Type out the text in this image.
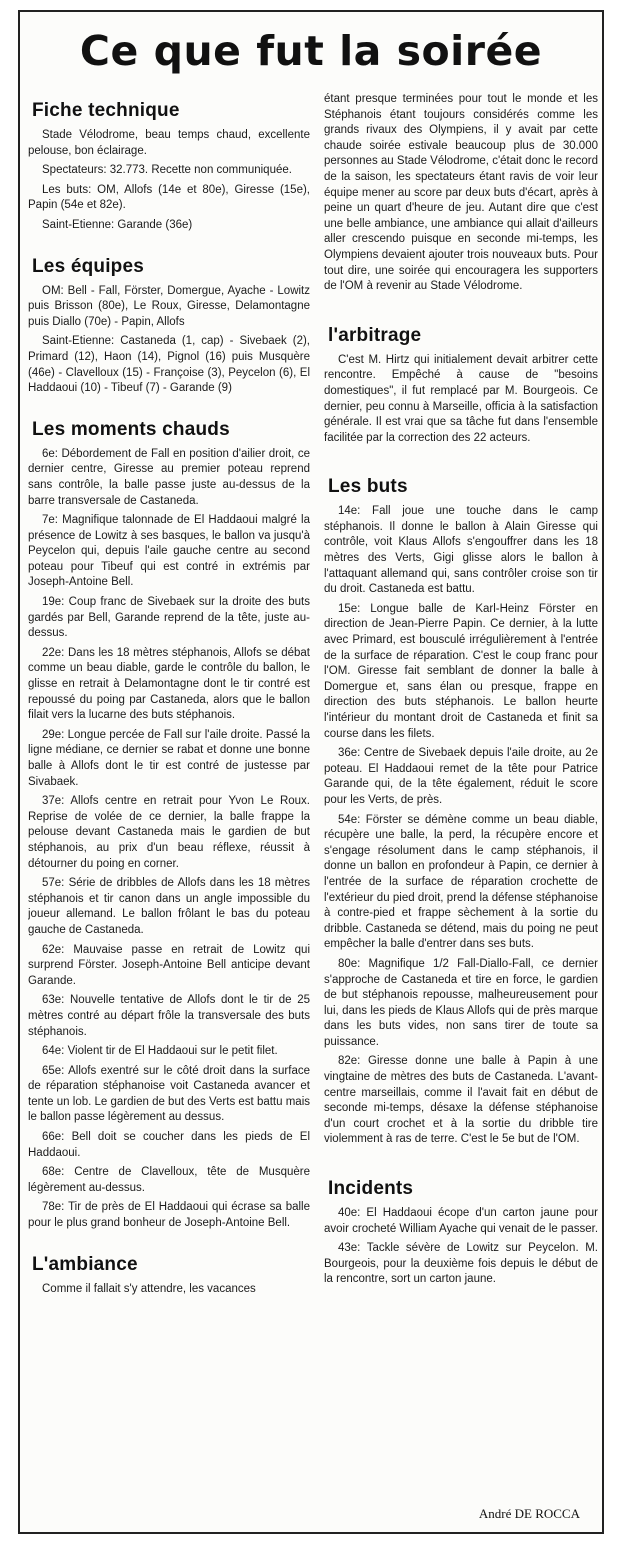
Ce que fut la soirée
Fiche technique

Stade Vélodrome, beau temps chaud, excellente pelouse, bon éclairage.

Spectateurs: 32.773. Recette non communiquée.

Les buts: OM, Allofs (14e et 80e), Giresse (15e), Papin (54e et 82e).

Saint-Etienne: Garande (36e)

Les équipes

OM: Bell - Fall, Förster, Domergue, Ayache - Lowitz puis Brisson (80e), Le Roux, Giresse, Delamontagne puis Diallo (70e) - Papin, Allofs

Saint-Etienne: Castaneda (1, cap) - Sivebaek (2), Primard (12), Haon (14), Pignol (16) puis Musquère (46e) - Clavelloux (15) - Françoise (3), Peycelon (6), El Haddaoui (10) - Tibeuf (7) - Garande (9)

Les moments chauds

6e: Débordement de Fall en position d'ailier droit, ce dernier centre, Giresse au premier poteau reprend sans contrôle, la balle passe juste au-dessus de la barre transversale de Castaneda.

7e: Magnifique talonnade de El Haddaoui malgré la présence de Lowitz à ses basques, le ballon va jusqu'à Peycelon qui, depuis l'aile gauche centre au second poteau pour Tibeuf qui est contré in extrémis par Joseph-Antoine Bell.

19e: Coup franc de Sivebaek sur la droite des buts gardés par Bell, Garande reprend de la tête, juste au-dessus.

22e: Dans les 18 mètres stéphanois, Allofs se débat comme un beau diable, garde le contrôle du ballon, le glisse en retrait à Delamontagne dont le tir contré est repoussé du poing par Castaneda, alors que le ballon filait vers la lucarne des buts stéphanois.

29e: Longue percée de Fall sur l'aile droite. Passé la ligne médiane, ce dernier se rabat et donne une bonne balle à Allofs dont le tir est contré de justesse par Sivabaek.

37e: Allofs centre en retrait pour Yvon Le Roux. Reprise de volée de ce dernier, la balle frappe la pelouse devant Castaneda mais le gardien de but stéphanois, au prix d'un beau réflexe, réussit à détourner du poing en corner.

57e: Série de dribbles de Allofs dans les 18 mètres stéphanois et tir canon dans un angle impossible du joueur allemand. Le ballon frôlant le bas du poteau gauche de Castaneda.

62e: Mauvaise passe en retrait de Lowitz qui surprend Förster. Joseph-Antoine Bell anticipe devant Garande.

63e: Nouvelle tentative de Allofs dont le tir de 25 mètres contré au départ frôle la transversale des buts stéphanois.

64e: Violent tir de El Haddaoui sur le petit filet.

65e: Allofs exentré sur le côté droit dans la surface de réparation stéphanoise voit Castaneda avancer et tente un lob. Le gardien de but des Verts est battu mais le ballon passe légèrement au dessus.

66e: Bell doit se coucher dans les pieds de El Haddaoui.

68e: Centre de Clavelloux, tête de Musquère légèrement au-dessus.

78e: Tir de près de El Haddaoui qui écrase sa balle pour le plus grand bonheur de Joseph-Antoine Bell.

L'ambiance

Comme il fallait s'y attendre, les vacances

étant presque terminées pour tout le monde et les Stéphanois étant toujours considérés comme les grands rivaux des Olympiens, il y avait par cette chaude soirée estivale beaucoup plus de 30.000 personnes au Stade Vélodrome, c'était donc le record de la saison, les spectateurs étant ravis de voir leur équipe mener au score par deux buts d'écart, après à peine un quart d'heure de jeu. Autant dire que c'est une belle ambiance, une ambiance qui allait d'ailleurs aller crescendo puisque en seconde mi-temps, les Olympiens devaient ajouter trois nouveaux buts. Pour tout dire, une soirée qui encouragera les supporters de l'OM à revenir au Stade Vélodrome.

l'arbitrage

C'est M. Hirtz qui initialement devait arbitrer cette rencontre. Empêché à cause de "besoins domestiques", il fut remplacé par M. Bourgeois. Ce dernier, peu connu à Marseille, officia à la satisfaction générale. Il est vrai que sa tâche fut dans l'ensemble facilitée par la correction des 22 acteurs.

Les buts

14e: Fall joue une touche dans le camp stéphanois. Il donne le ballon à Alain Giresse qui contrôle, voit Klaus Allofs s'engouffrer dans les 18 mètres des Verts, Gigi glisse alors le ballon à l'attaquant allemand qui, sans contrôler croise son tir du droit. Castaneda est battu.

15e: Longue balle de Karl-Heinz Förster en direction de Jean-Pierre Papin. Ce dernier, à la lutte avec Primard, est bousculé irrégulièrement à l'entrée de la surface de réparation. C'est le coup franc pour l'OM. Giresse fait semblant de donner la balle à Domergue et, sans élan ou presque, frappe en direction des buts stéphanois. Le ballon heurte l'intérieur du montant droit de Castaneda et finit sa course dans les filets.

36e: Centre de Sivebaek depuis l'aile droite, au 2e poteau. El Haddaoui remet de la tête pour Patrice Garande qui, de la tête également, réduit le score pour les Verts, de près.

54e: Förster se démène comme un beau diable, récupère une balle, la perd, la récupère encore et s'engage résolument dans le camp stéphanois, il donne un ballon en profondeur à Papin, ce dernier à l'entrée de la surface de réparation crochette de l'extérieur du pied droit, prend la défense stéphanoise à contre-pied et frappe sèchement à la sortie du dribble. Castaneda se détend, mais du poing ne peut empêcher la balle d'entrer dans ses buts.

80e: Magnifique 1/2 Fall-Diallo-Fall, ce dernier s'approche de Castaneda et tire en force, le gardien de but stéphanois repousse, malheureusement pour lui, dans les pieds de Klaus Allofs qui de près marque dans les buts vides, non sans tirer de toute sa puissance.

82e: Giresse donne une balle à Papin à une vingtaine de mètres des buts de Castaneda. L'avant-centre marseillais, comme il l'avait fait en début de seconde mi-temps, désaxe la défense stéphanoise d'un court crochet et à la sortie du dribble tire violemment à ras de terre. C'est le 5e but de l'OM.

Incidents

40e: El Haddaoui écope d'un carton jaune pour avoir crocheté William Ayache qui venait de le passer.

43e: Tackle sévère de Lowitz sur Peycelon. M. Bourgeois, pour la deuxième fois depuis le début de la rencontre, sort un carton jaune.

André DE ROCCA
